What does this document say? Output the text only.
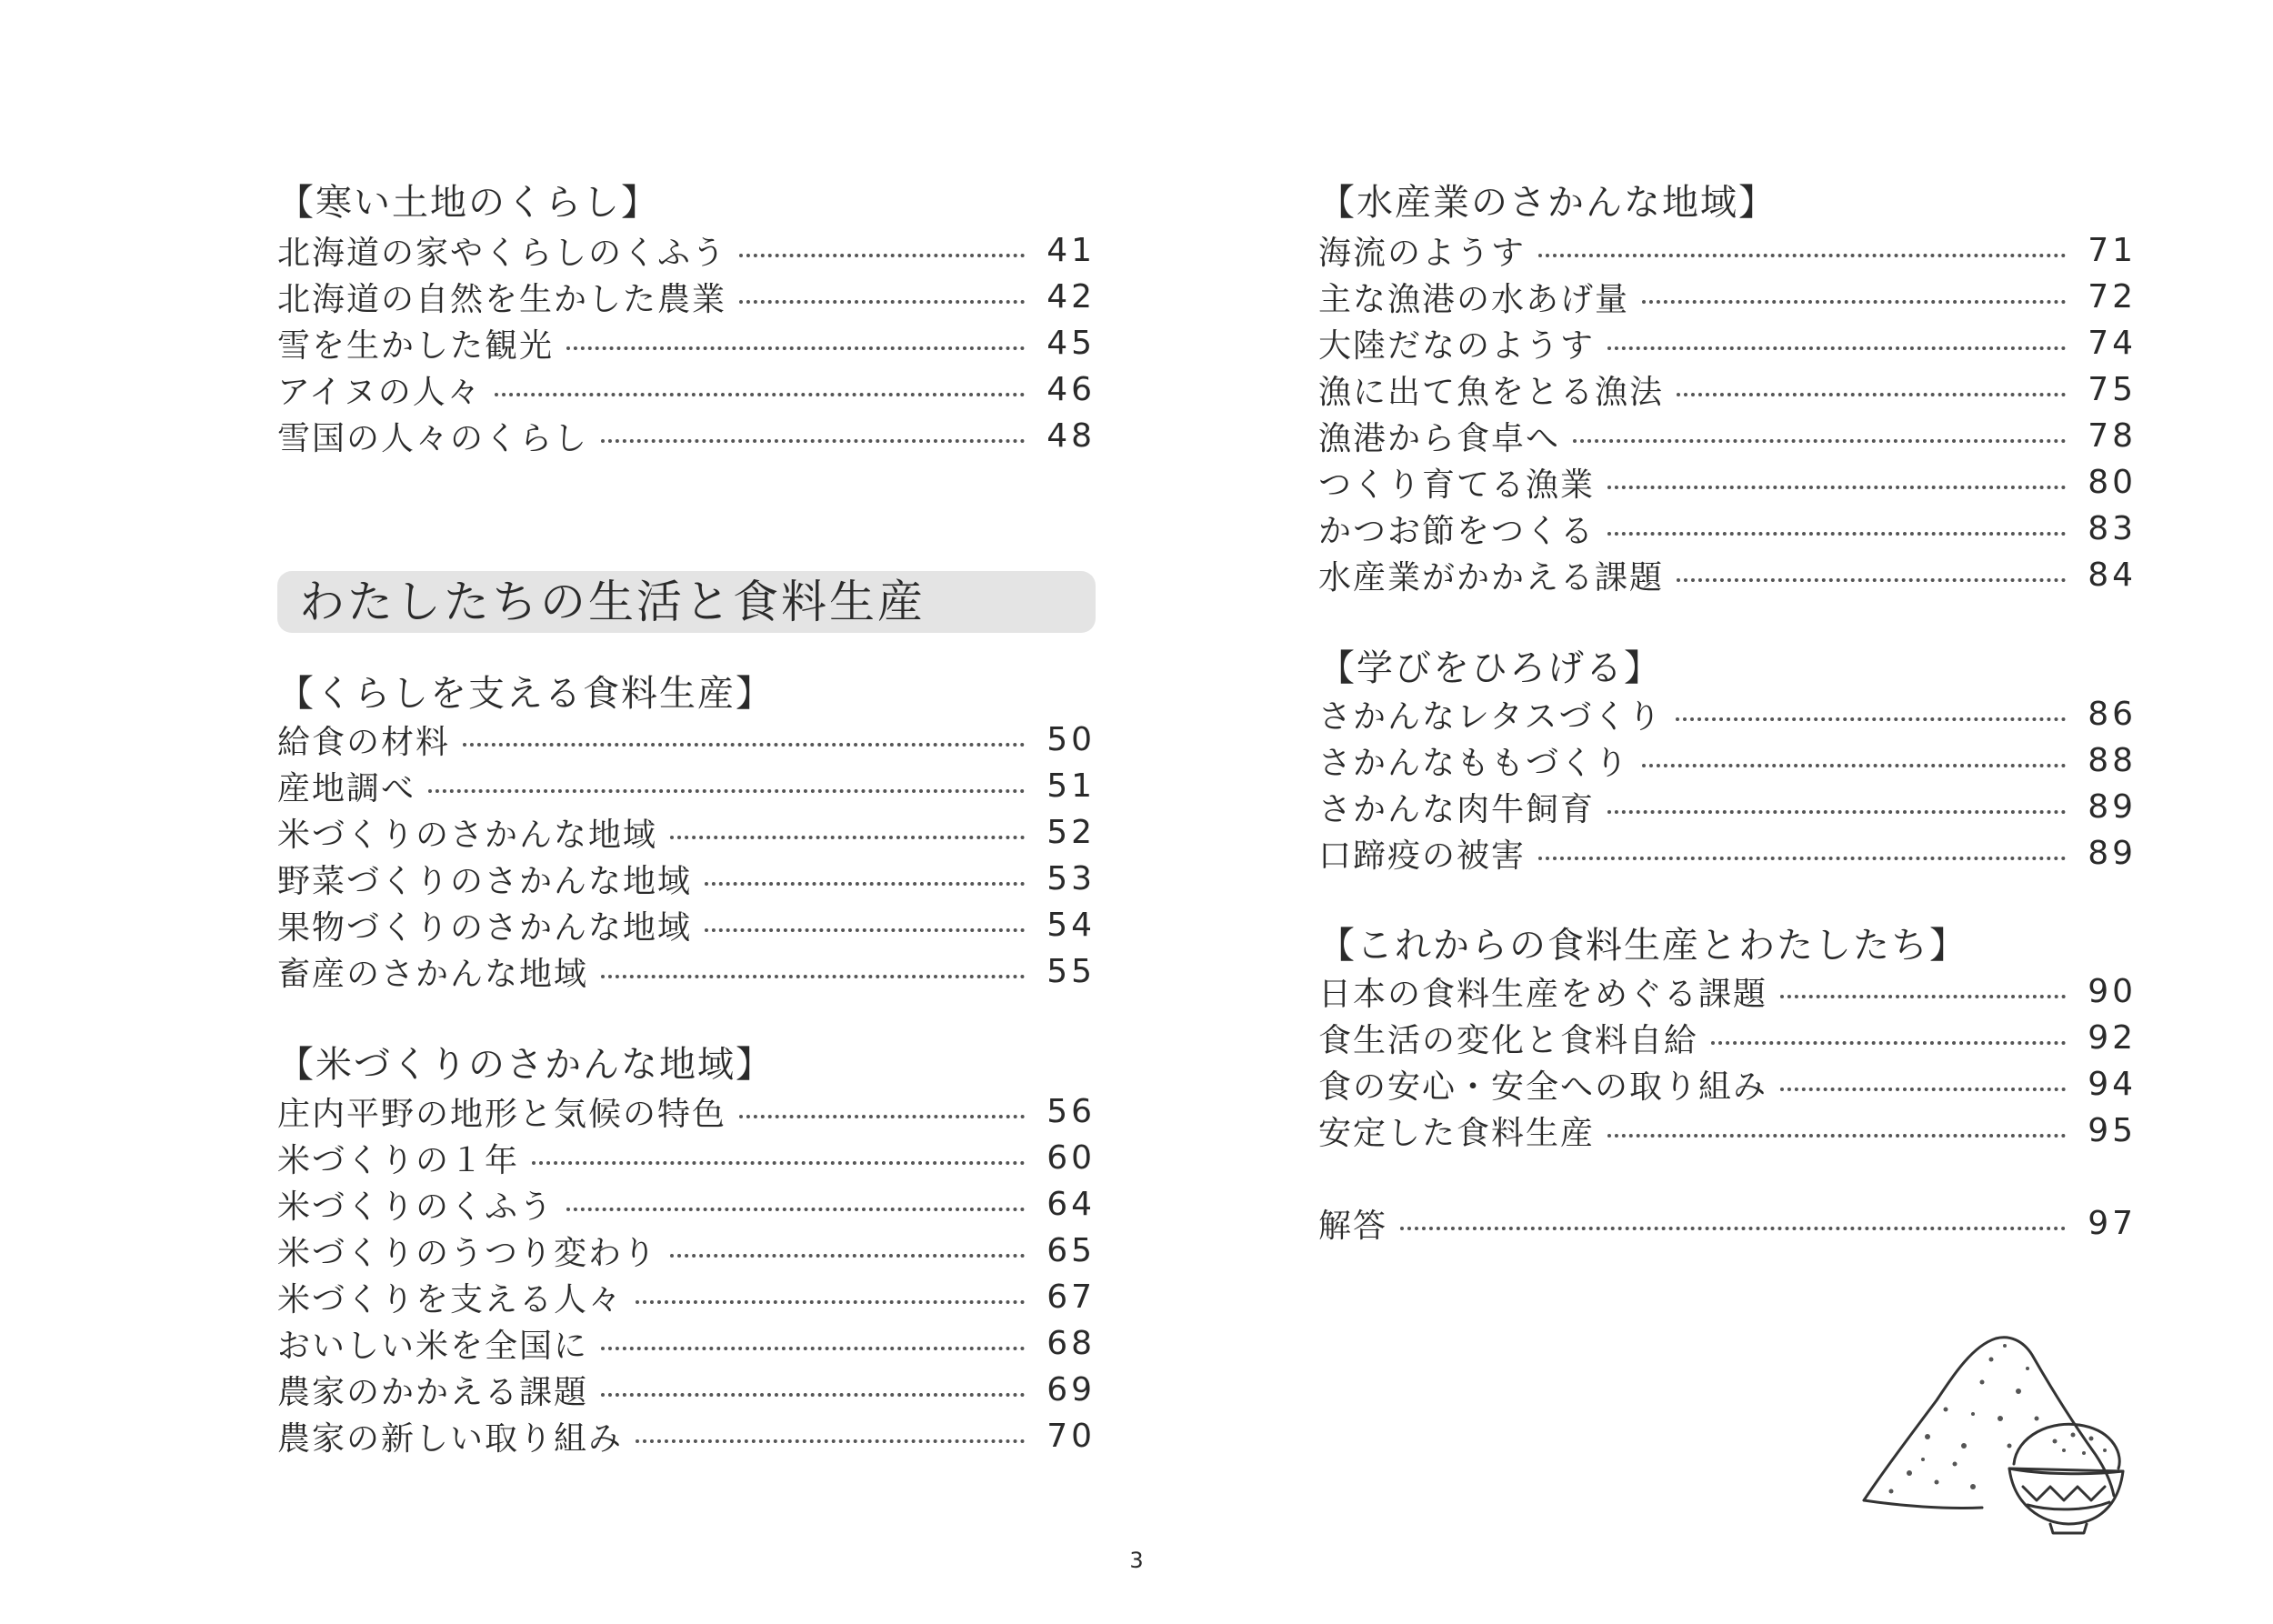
【寒い土地のくらし】
北海道の家やくらしのくふう	41
北海道の自然を生かした農業	42
雪を生かした観光	45
アイヌの人々	46
雪国の人々のくらし	48
わたしたちの生活と食料生産
【くらしを支える食料生産】
給食の材料	50
産地調べ	51
米づくりのさかんな地域	52
野菜づくりのさかんな地域	53
果物づくりのさかんな地域	54
畜産のさかんな地域	55
【米づくりのさかんな地域】
庄内平野の地形と気候の特色	56
米づくりの１年	60
米づくりのくふう	64
米づくりのうつり変わり	65
米づくりを支える人々	67
おいしい米を全国に	68
農家のかかえる課題	69
農家の新しい取り組み	70
【水産業のさかんな地域】
海流のようす	71
主な漁港の水あげ量	72
大陸だなのようす	74
漁に出て魚をとる漁法	75
漁港から食卓へ	78
つくり育てる漁業	80
かつお節をつくる	83
水産業がかかえる課題	84
【学びをひろげる】
さかんなレタスづくり	86
さかんなももづくり	88
さかんな肉牛飼育	89
口蹄疫の被害	89
【これからの食料生産とわたしたち】
日本の食料生産をめぐる課題	90
食生活の変化と食料自給	92
食の安心・安全への取り組み	94
安定した食料生産	95
解答	97
3
